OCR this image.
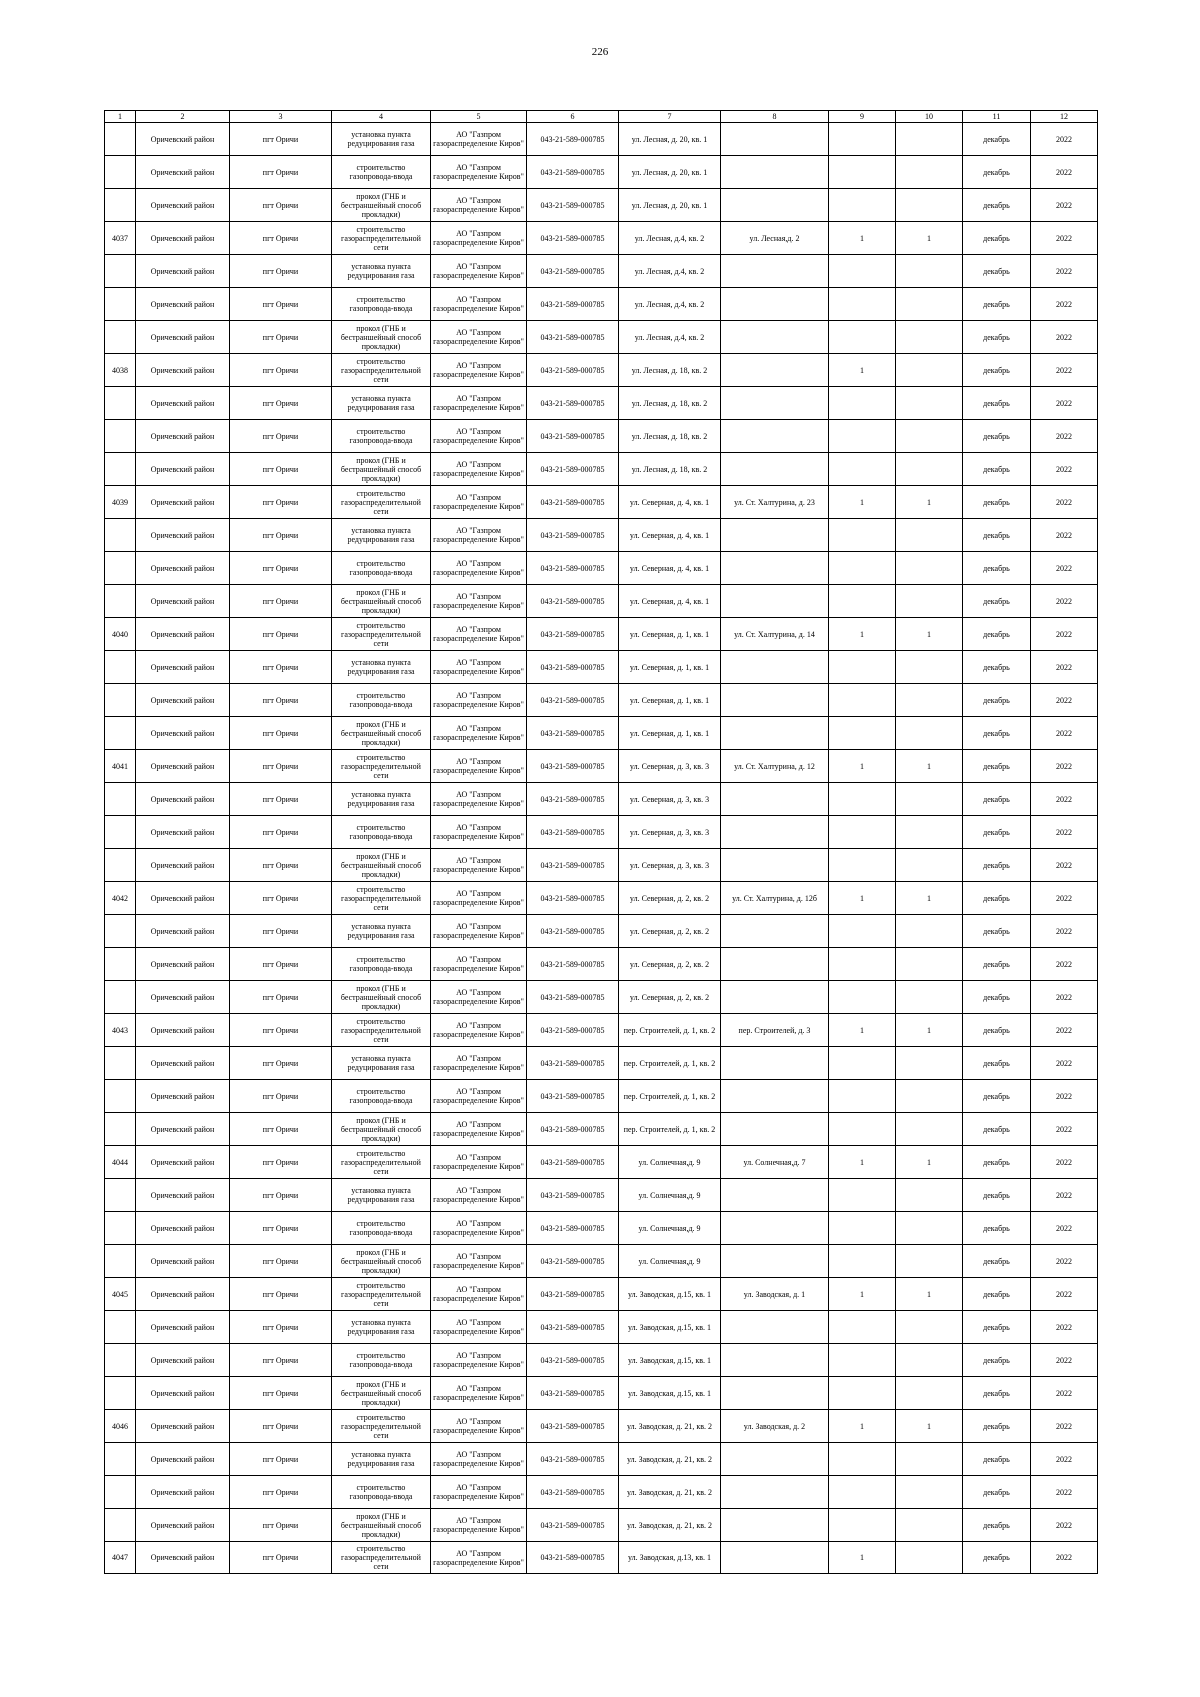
226
1	2	3	4	5	6	7	8	9	10	11	12
	Оричевский район	пгт Оричи	установка пункта редуцирования газа	АО "Газпром газораспределение Киров"	043-21-589-000785	ул. Лесная, д. 20, кв. 1				декабрь	2022
	Оричевский район	пгт Оричи	строительство газопровода-ввода	АО "Газпром газораспределение Киров"	043-21-589-000785	ул. Лесная, д. 20, кв. 1				декабрь	2022
	Оричевский район	пгт Оричи	прокол (ГНБ и бестраншейный способ прокладки)	АО "Газпром газораспределение Киров"	043-21-589-000785	ул. Лесная, д. 20, кв. 1				декабрь	2022
4037	Оричевский район	пгт Оричи	строительство газораспределительной сети	АО "Газпром газораспределение Киров"	043-21-589-000785	ул. Лесная, д.4, кв. 2	ул. Лесная,д. 2	1	1	декабрь	2022
	Оричевский район	пгт Оричи	установка пункта редуцирования газа	АО "Газпром газораспределение Киров"	043-21-589-000785	ул. Лесная, д.4, кв. 2				декабрь	2022
	Оричевский район	пгт Оричи	строительство газопровода-ввода	АО "Газпром газораспределение Киров"	043-21-589-000785	ул. Лесная, д.4, кв. 2				декабрь	2022
	Оричевский район	пгт Оричи	прокол (ГНБ и бестраншейный способ прокладки)	АО "Газпром газораспределение Киров"	043-21-589-000785	ул. Лесная, д.4, кв. 2				декабрь	2022
4038	Оричевский район	пгт Оричи	строительство газораспределительной сети	АО "Газпром газораспределение Киров"	043-21-589-000785	ул. Лесная, д. 18, кв. 2		1		декабрь	2022
	Оричевский район	пгт Оричи	установка пункта редуцирования газа	АО "Газпром газораспределение Киров"	043-21-589-000785	ул. Лесная, д. 18, кв. 2				декабрь	2022
	Оричевский район	пгт Оричи	строительство газопровода-ввода	АО "Газпром газораспределение Киров"	043-21-589-000785	ул. Лесная, д. 18, кв. 2				декабрь	2022
	Оричевский район	пгт Оричи	прокол (ГНБ и бестраншейный способ прокладки)	АО "Газпром газораспределение Киров"	043-21-589-000785	ул. Лесная, д. 18, кв. 2				декабрь	2022
4039	Оричевский район	пгт Оричи	строительство газораспределительной сети	АО "Газпром газораспределение Киров"	043-21-589-000785	ул. Северная, д. 4, кв. 1	ул. Ст. Халтурина, д. 23	1	1	декабрь	2022
	Оричевский район	пгт Оричи	установка пункта редуцирования газа	АО "Газпром газораспределение Киров"	043-21-589-000785	ул. Северная, д. 4, кв. 1				декабрь	2022
	Оричевский район	пгт Оричи	строительство газопровода-ввода	АО "Газпром газораспределение Киров"	043-21-589-000785	ул. Северная, д. 4, кв. 1				декабрь	2022
	Оричевский район	пгт Оричи	прокол (ГНБ и бестраншейный способ прокладки)	АО "Газпром газораспределение Киров"	043-21-589-000785	ул. Северная, д. 4, кв. 1				декабрь	2022
4040	Оричевский район	пгт Оричи	строительство газораспределительной сети	АО "Газпром газораспределение Киров"	043-21-589-000785	ул. Северная, д. 1, кв. 1	ул. Ст. Халтурина, д. 14	1	1	декабрь	2022
	Оричевский район	пгт Оричи	установка пункта редуцирования газа	АО "Газпром газораспределение Киров"	043-21-589-000785	ул. Северная, д. 1, кв. 1				декабрь	2022
	Оричевский район	пгт Оричи	строительство газопровода-ввода	АО "Газпром газораспределение Киров"	043-21-589-000785	ул. Северная, д. 1, кв. 1				декабрь	2022
	Оричевский район	пгт Оричи	прокол (ГНБ и бестраншейный способ прокладки)	АО "Газпром газораспределение Киров"	043-21-589-000785	ул. Северная, д. 1, кв. 1				декабрь	2022
4041	Оричевский район	пгт Оричи	строительство газораспределительной сети	АО "Газпром газораспределение Киров"	043-21-589-000785	ул. Северная, д. 3, кв. 3	ул. Ст. Халтурина, д. 12	1	1	декабрь	2022
	Оричевский район	пгт Оричи	установка пункта редуцирования газа	АО "Газпром газораспределение Киров"	043-21-589-000785	ул. Северная, д. 3, кв. 3				декабрь	2022
	Оричевский район	пгт Оричи	строительство газопровода-ввода	АО "Газпром газораспределение Киров"	043-21-589-000785	ул. Северная, д. 3, кв. 3				декабрь	2022
	Оричевский район	пгт Оричи	прокол (ГНБ и бестраншейный способ прокладки)	АО "Газпром газораспределение Киров"	043-21-589-000785	ул. Северная, д. 3, кв. 3				декабрь	2022
4042	Оричевский район	пгт Оричи	строительство газораспределительной сети	АО "Газпром газораспределение Киров"	043-21-589-000785	ул. Северная, д. 2, кв. 2	ул. Ст. Халтурина, д. 12б	1	1	декабрь	2022
	Оричевский район	пгт Оричи	установка пункта редуцирования газа	АО "Газпром газораспределение Киров"	043-21-589-000785	ул. Северная, д. 2, кв. 2				декабрь	2022
	Оричевский район	пгт Оричи	строительство газопровода-ввода	АО "Газпром газораспределение Киров"	043-21-589-000785	ул. Северная, д. 2, кв. 2				декабрь	2022
	Оричевский район	пгт Оричи	прокол (ГНБ и бестраншейный способ прокладки)	АО "Газпром газораспределение Киров"	043-21-589-000785	ул. Северная, д. 2, кв. 2				декабрь	2022
4043	Оричевский район	пгт Оричи	строительство газораспределительной сети	АО "Газпром газораспределение Киров"	043-21-589-000785	пер. Строителей, д. 1, кв. 2	пер. Строителей, д. 3	1	1	декабрь	2022
	Оричевский район	пгт Оричи	установка пункта редуцирования газа	АО "Газпром газораспределение Киров"	043-21-589-000785	пер. Строителей, д. 1, кв. 2				декабрь	2022
	Оричевский район	пгт Оричи	строительство газопровода-ввода	АО "Газпром газораспределение Киров"	043-21-589-000785	пер. Строителей, д. 1, кв. 2				декабрь	2022
	Оричевский район	пгт Оричи	прокол (ГНБ и бестраншейный способ прокладки)	АО "Газпром газораспределение Киров"	043-21-589-000785	пер. Строителей, д. 1, кв. 2				декабрь	2022
4044	Оричевский район	пгт Оричи	строительство газораспределительной сети	АО "Газпром газораспределение Киров"	043-21-589-000785	ул. Солнечная,д. 9	ул. Солнечная,д. 7	1	1	декабрь	2022
	Оричевский район	пгт Оричи	установка пункта редуцирования газа	АО "Газпром газораспределение Киров"	043-21-589-000785	ул. Солнечная,д. 9				декабрь	2022
	Оричевский район	пгт Оричи	строительство газопровода-ввода	АО "Газпром газораспределение Киров"	043-21-589-000785	ул. Солнечная,д. 9				декабрь	2022
	Оричевский район	пгт Оричи	прокол (ГНБ и бестраншейный способ прокладки)	АО "Газпром газораспределение Киров"	043-21-589-000785	ул. Солнечная,д. 9				декабрь	2022
4045	Оричевский район	пгт Оричи	строительство газораспределительной сети	АО "Газпром газораспределение Киров"	043-21-589-000785	ул. Заводская, д.15, кв. 1	ул. Заводская, д. 1	1	1	декабрь	2022
	Оричевский район	пгт Оричи	установка пункта редуцирования газа	АО "Газпром газораспределение Киров"	043-21-589-000785	ул. Заводская, д.15, кв. 1				декабрь	2022
	Оричевский район	пгт Оричи	строительство газопровода-ввода	АО "Газпром газораспределение Киров"	043-21-589-000785	ул. Заводская, д.15, кв. 1				декабрь	2022
	Оричевский район	пгт Оричи	прокол (ГНБ и бестраншейный способ прокладки)	АО "Газпром газораспределение Киров"	043-21-589-000785	ул. Заводская, д.15, кв. 1				декабрь	2022
4046	Оричевский район	пгт Оричи	строительство газораспределительной сети	АО "Газпром газораспределение Киров"	043-21-589-000785	ул. Заводская, д. 21, кв. 2	ул. Заводская, д. 2	1	1	декабрь	2022
	Оричевский район	пгт Оричи	установка пункта редуцирования газа	АО "Газпром газораспределение Киров"	043-21-589-000785	ул. Заводская, д. 21, кв. 2				декабрь	2022
	Оричевский район	пгт Оричи	строительство газопровода-ввода	АО "Газпром газораспределение Киров"	043-21-589-000785	ул. Заводская, д. 21, кв. 2				декабрь	2022
	Оричевский район	пгт Оричи	прокол (ГНБ и бестраншейный способ прокладки)	АО "Газпром газораспределение Киров"	043-21-589-000785	ул. Заводская, д. 21, кв. 2				декабрь	2022
4047	Оричевский район	пгт Оричи	строительство газораспределительной сети	АО "Газпром газораспределение Киров"	043-21-589-000785	ул. Заводская, д.13, кв. 1		1		декабрь	2022
